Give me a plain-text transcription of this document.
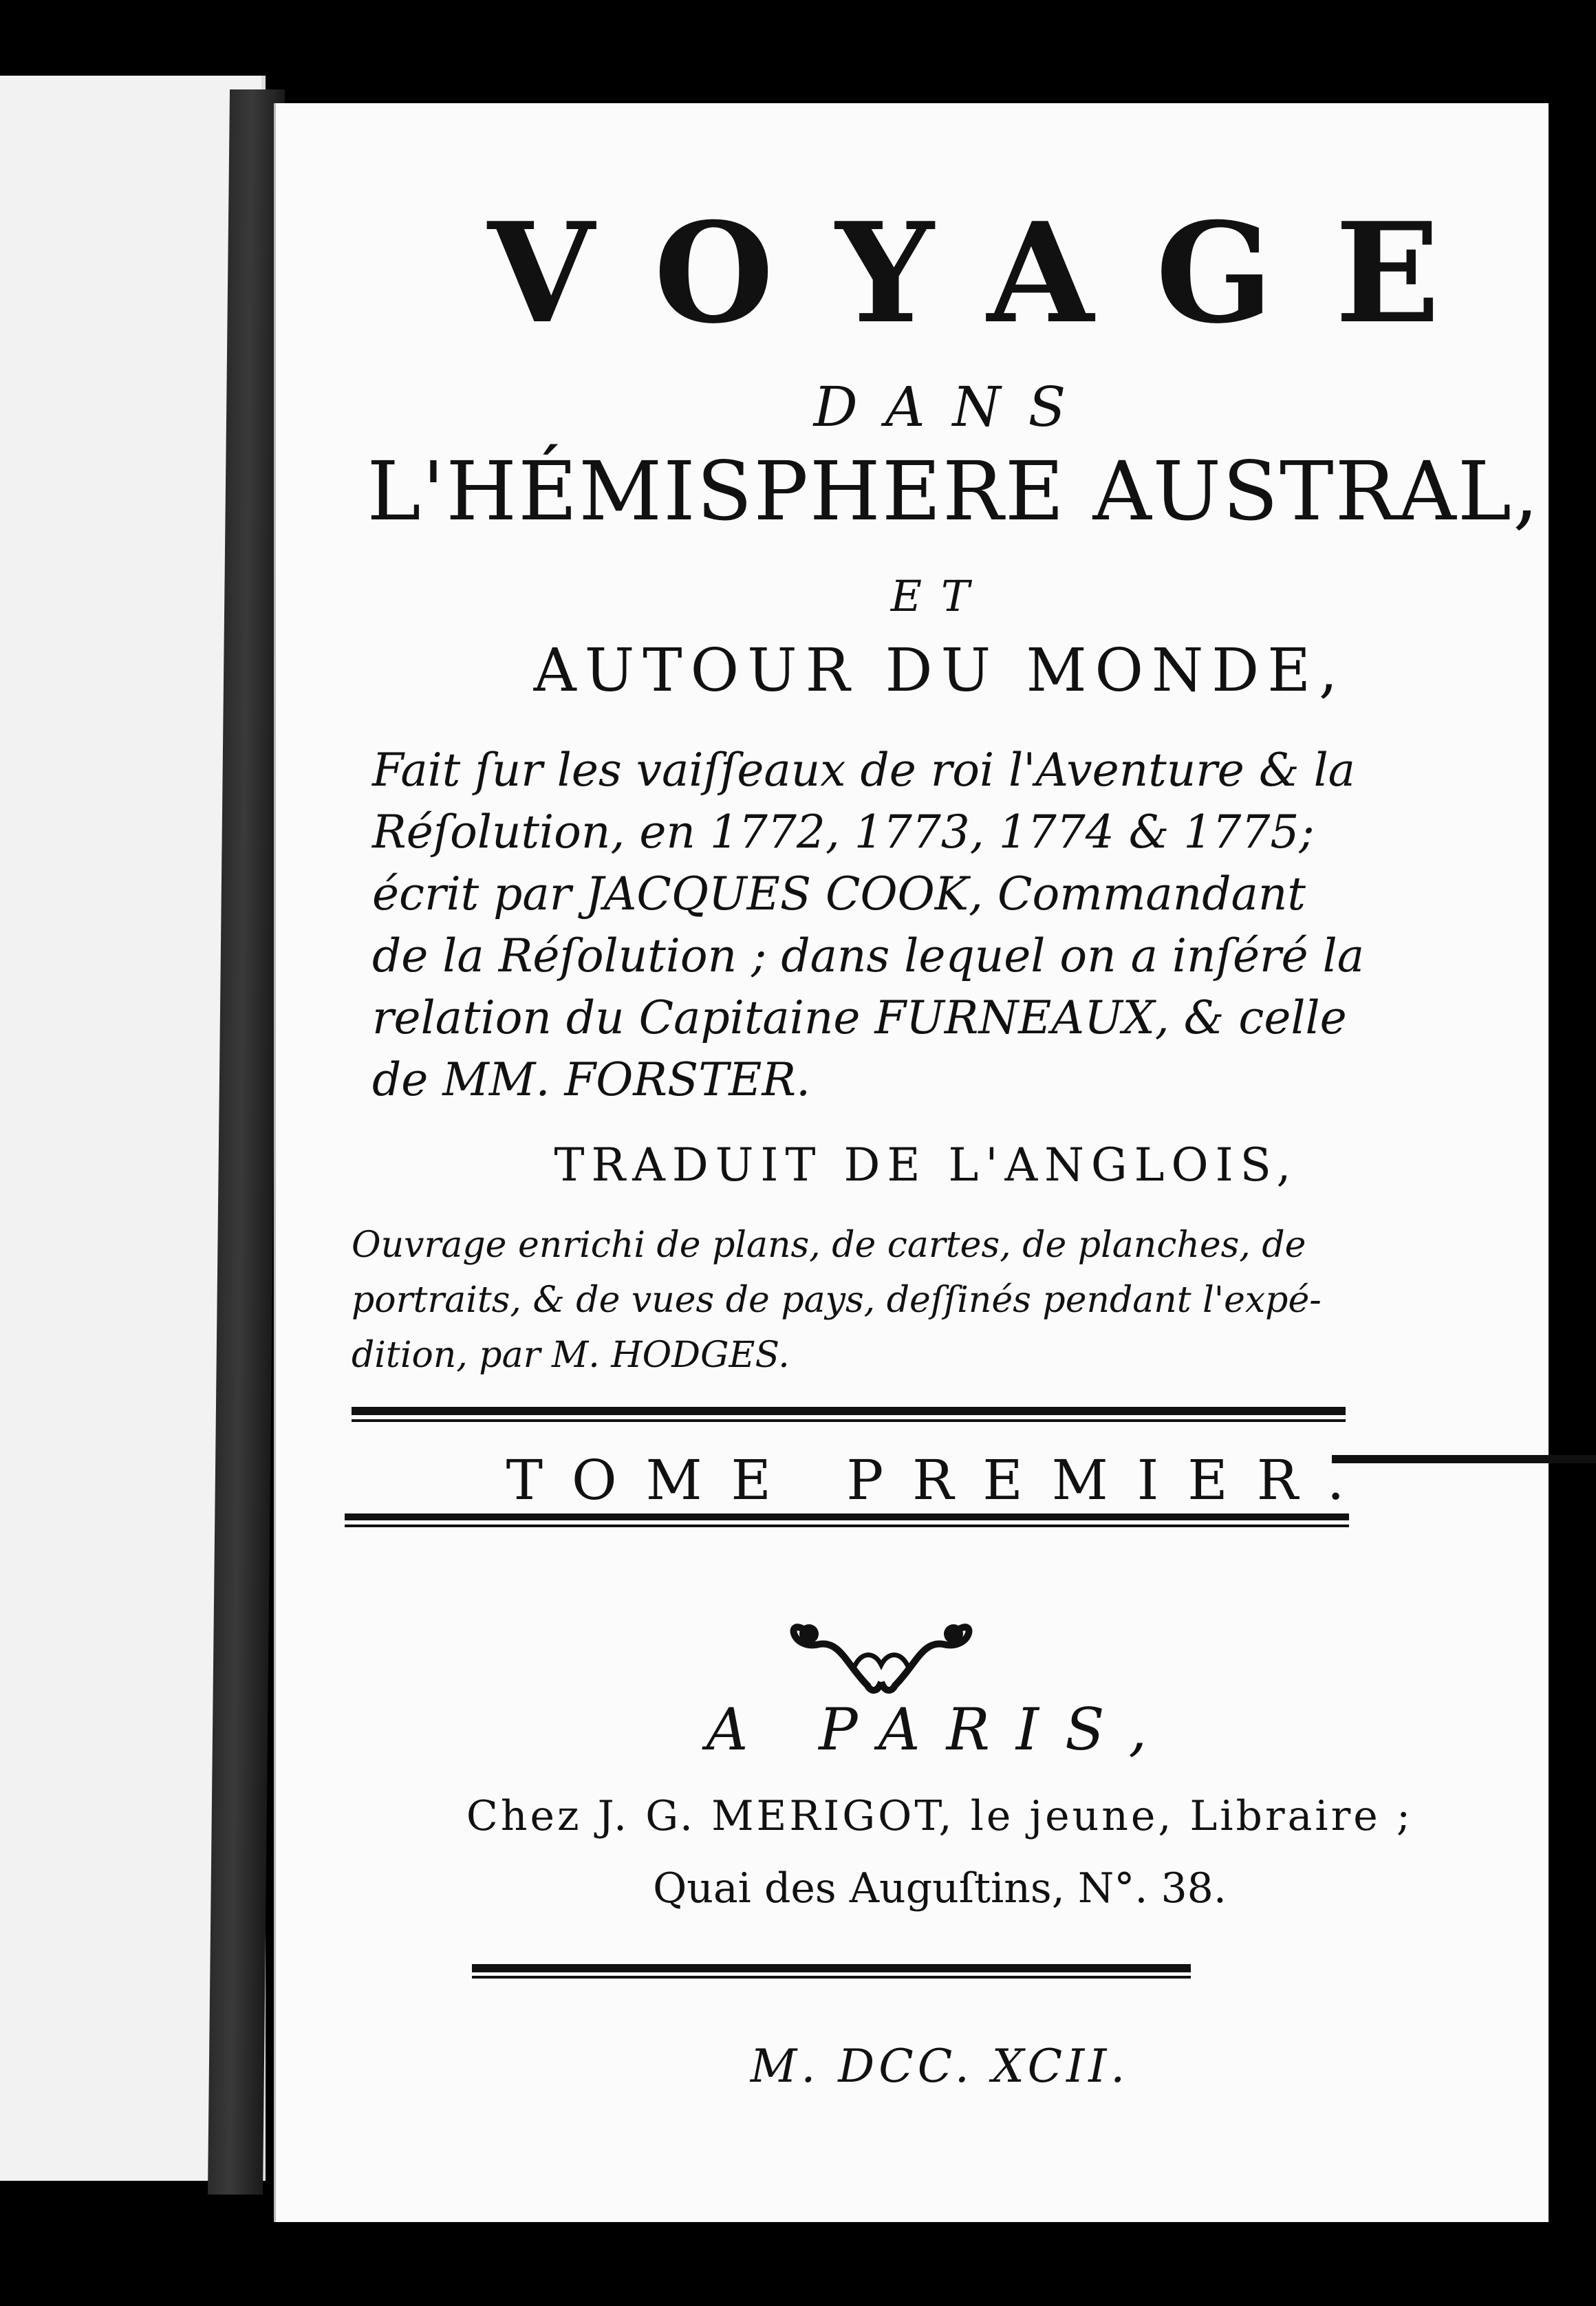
VOYAGE
DANS
L'HÉMISPHERE AUSTRAL,
ET
AUTOUR DU MONDE,
Fait ſur les vaiſſeaux de roi l'Aventure & la
Réſolution, en 1772, 1773, 1774 & 1775;
écrit par JACQUES COOK, Commandant
de la Réſolution ; dans lequel on a inſéré la
relation du Capitaine FURNEAUX, & celle
de MM. FORSTER.
TRADUIT DE L'ANGLOIS,
Ouvrage enrichi de plans, de cartes, de planches, de
portraits, & de vues de pays, deſſinés pendant l'expé-
dition, par M. HODGES.
TOME PREMIER.
A PARIS,
Chez J. G. MERIGOT, le jeune, Libraire ;
Quai des Auguſtins, N°. 38.
M. DCC. XCII.
